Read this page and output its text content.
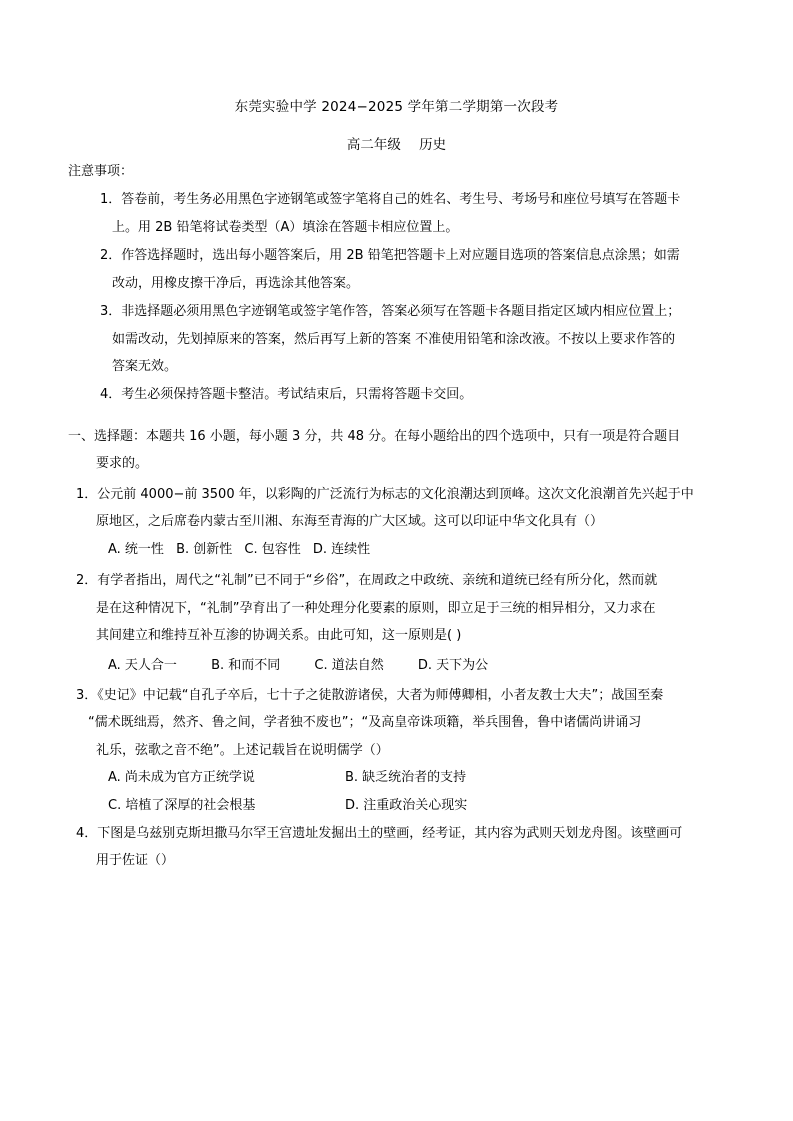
东莞实验中学 2024−2025 学年第二学期第一次段考
高二年级 历史
注意事项：
1．答卷前，考生务必用黑色字迹钢笔或签字笔将自己的姓名、考生号、考场号和座位号填写在答题卡
上。用 2B 铅笔将试卷类型（A）填涂在答题卡相应位置上。
2．作答选择题时，选出每小题答案后，用 2B 铅笔把答题卡上对应题目选项的答案信息点涂黑；如需
改动，用橡皮擦干净后，再选涂其他答案。
3．非选择题必须用黑色字迹钢笔或签字笔作答，答案必须写在答题卡各题目指定区域内相应位置上；
如需改动，先划掉原来的答案，然后再写上新的答案 不准使用铅笔和涂改液。不按以上要求作答的
答案无效。
4．考生必须保持答题卡整洁。考试结束后，只需将答题卡交回。
一、选择题：本题共 16 小题，每小题 3 分，共 48 分。在每小题给出的四个选项中，只有一项是符合题目
要求的。
1．公元前 4000−前 3500 年，以彩陶的广泛流行为标志的文化浪潮达到顶峰。这次文化浪潮首先兴起于中
原地区，之后席卷内蒙古至川湘、东海至青海的广大区域。这可以印证中华文化具有（）
A. 统一性 B. 创新性 C. 包容性 D. 连续性
2．有学者指出，周代之“礼制”已不同于“乡俗”，在周政之中政统、亲统和道统已经有所分化，然而就
是在这种情况下，“礼制”孕育出了一种处理分化要素的原则，即立足于三统的相异相分，又力求在
其间建立和维持互补互渗的协调关系。由此可知，这一原则是( )
A. 天人合一	B. 和而不同	C. 道法自然	D. 天下为公
3．《史记》中记载“自孔子卒后，七十子之徒散游诸侯，大者为师傅卿相，小者友教士大夫”；战国至秦
“儒术既绌焉，然齐、鲁之间，学者独不废也”；“及高皇帝诛项籍，举兵围鲁，鲁中诸儒尚讲诵习
礼乐，弦歌之音不绝”。上述记载旨在说明儒学（）
A. 尚未成为官方正统学说	B. 缺乏统治者的支持
C. 培植了深厚的社会根基	D. 注重政治关心现实
4．下图是乌兹别克斯坦撒马尔罕王宫遗址发掘出土的壁画，经考证，其内容为武则天划龙舟图。该壁画可
用于佐证（）
